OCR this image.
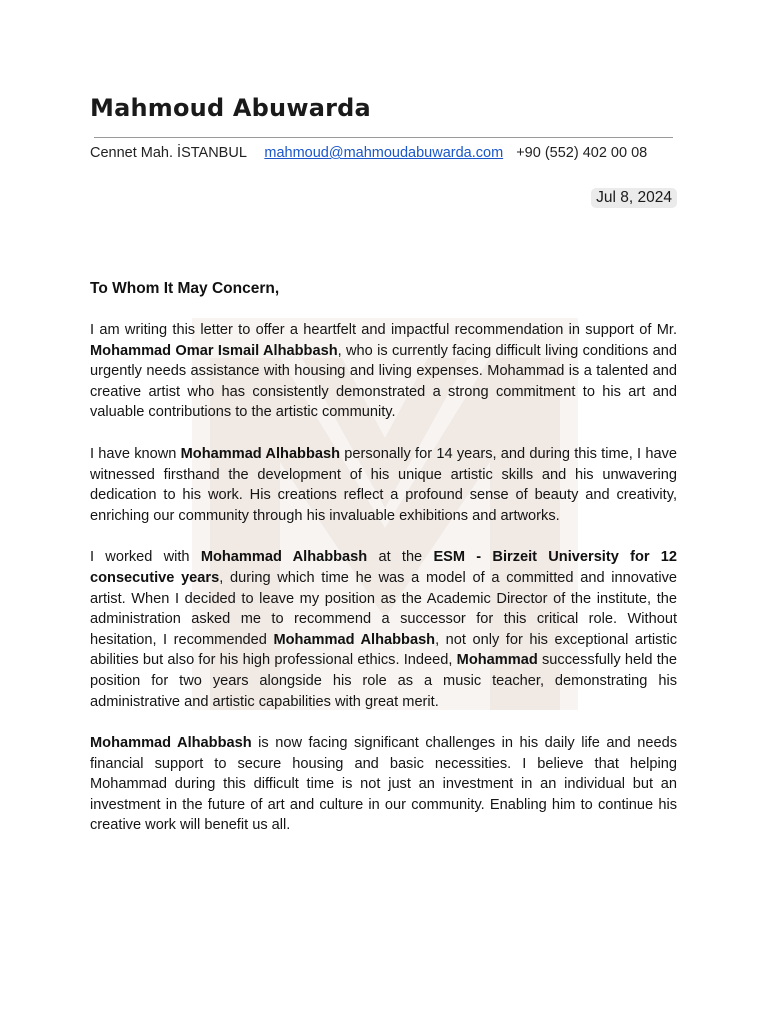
Mahmoud Abuwarda
Cennet Mah. İSTANBUL mahmoud@mahmoudabuwarda.com +90 (552) 402 00 08
Jul 8, 2024
To Whom It May Concern,

I am writing this letter to offer a heartfelt and impactful recommendation in support of Mr. Mohammad Omar Ismail Alhabbash, who is currently facing difficult living conditions and urgently needs assistance with housing and living expenses. Mohammad is a talented and creative artist who has consistently demonstrated a strong commitment to his art and valuable contributions to the artistic community.

I have known Mohammad Alhabbash personally for 14 years, and during this time, I have witnessed firsthand the development of his unique artistic skills and his unwavering dedication to his work. His creations reflect a profound sense of beauty and creativity, enriching our community through his invaluable exhibitions and artworks.

I worked with Mohammad Alhabbash at the ESM - Birzeit University for 12 consecutive years, during which time he was a model of a committed and innovative artist. When I decided to leave my position as the Academic Director of the institute, the administration asked me to recommend a successor for this critical role. Without hesitation, I recommended Mohammad Alhabbash, not only for his exceptional artistic abilities but also for his high professional ethics. Indeed, Mohammad successfully held the position for two years alongside his role as a music teacher, demonstrating his administrative and artistic capabilities with great merit.

Mohammad Alhabbash is now facing significant challenges in his daily life and needs financial support to secure housing and basic necessities. I believe that helping Mohammad during this difficult time is not just an investment in an individual but an investment in the future of art and culture in our community. Enabling him to continue his creative work will benefit us all.
